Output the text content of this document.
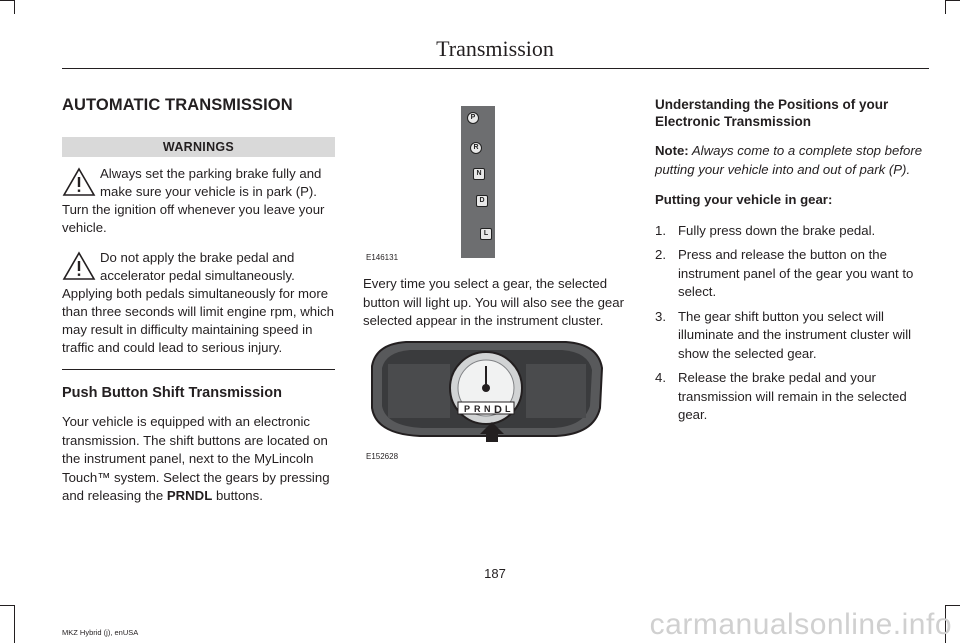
Transmission
AUTOMATIC TRANSMISSION
WARNINGS
Always set the parking brake fully and make sure your vehicle is in park (P). Turn the ignition off whenever you leave your vehicle.
Do not apply the brake pedal and accelerator pedal simultaneously. Applying both pedals simultaneously for more than three seconds will limit engine rpm, which may result in difficulty maintaining speed in traffic and could lead to serious injury.
Push Button Shift Transmission

Your vehicle is equipped with an electronic transmission. The shift buttons are located on the instrument panel, next to the MyLincoln Touch™ system. Select the gears by pressing and releasing the PRNDL buttons.

P
R
N
D
L
E146131

Every time you select a gear, the selected button will light up. You will also see the gear selected appear in the instrument cluster.

P R N D L
E152628
Understanding the Positions of your Electronic Transmission

Note: Always come to a complete stop before putting your vehicle into and out of park (P).

Putting your vehicle in gear:

1. Fully press down the brake pedal.
2. Press and release the button on the instrument panel of the gear you want to select.
3. The gear shift button you select will illuminate and the instrument cluster will show the selected gear.
4. Release the brake pedal and your transmission will remain in the selected gear.
187
MKZ Hybrid (j), enUSA	carmanualsonline.info
